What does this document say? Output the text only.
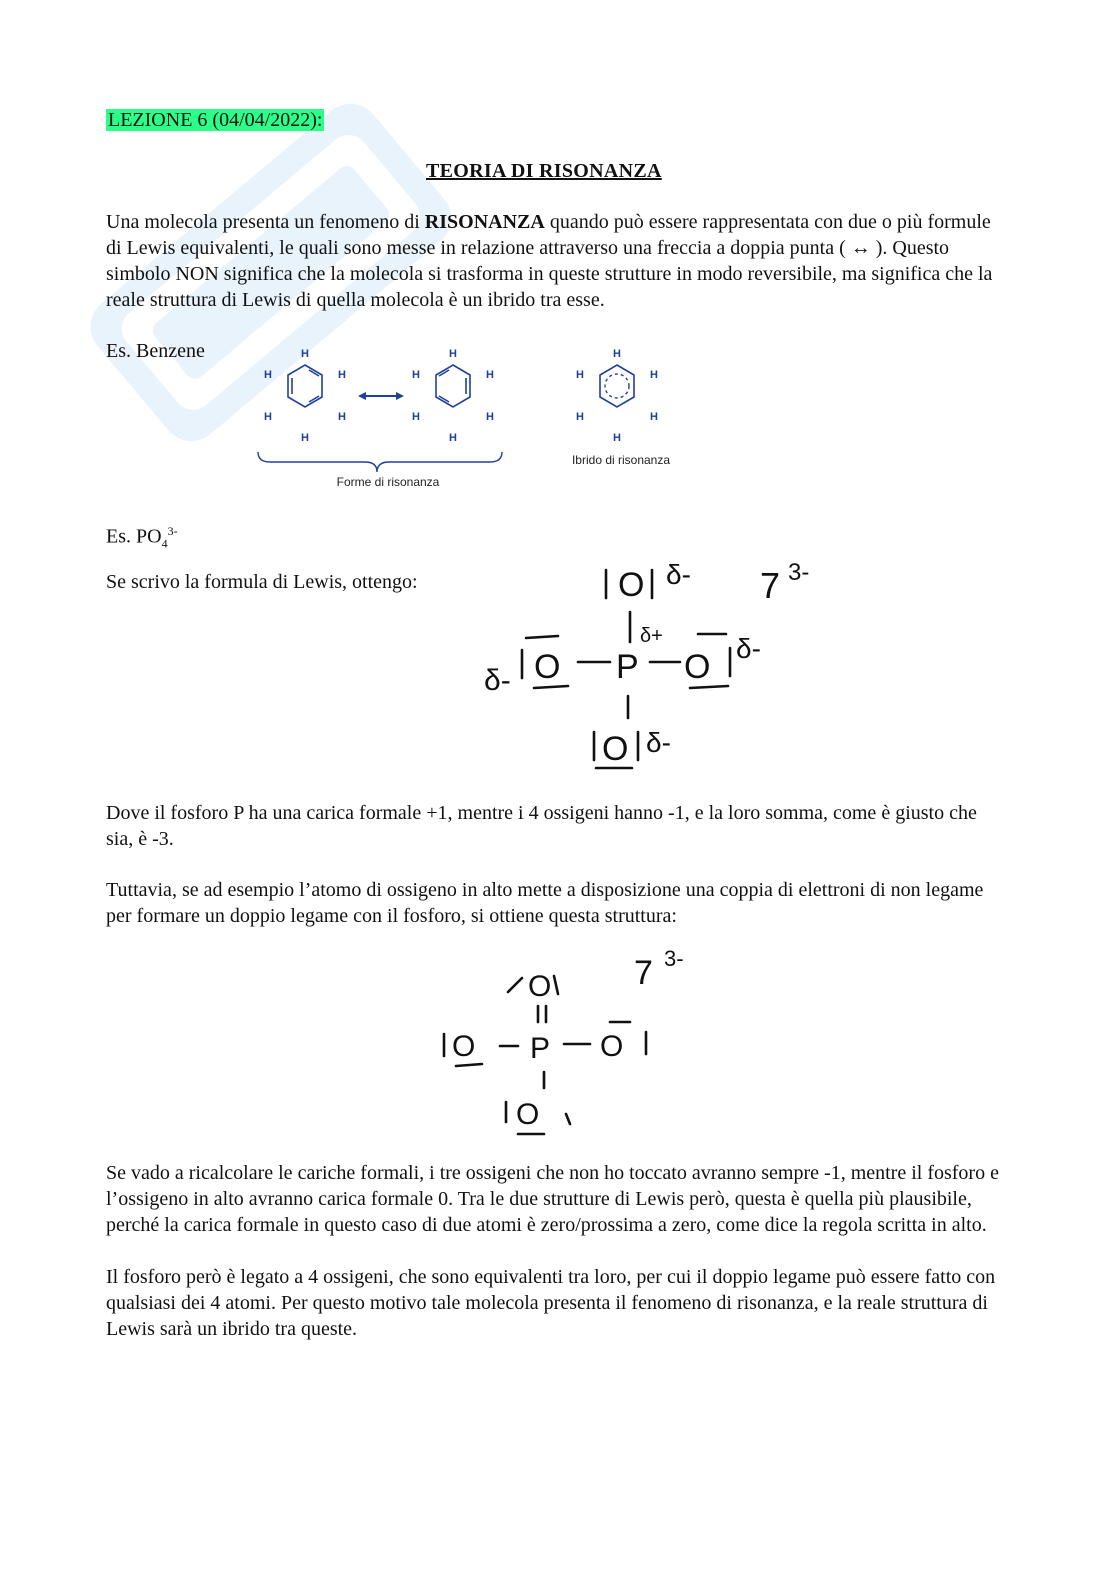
LEZIONE 6 (04/04/2022):
TEORIA DI RISONANZA

Una molecola presenta un fenomeno di RISONANZA quando può essere rappresentata con due o più formule di Lewis equivalenti, le quali sono messe in relazione attraverso una freccia a doppia punta ( ↔ ). Questo simbolo NON significa che la molecola si trasforma in queste strutture in modo reversibile, ma significa che la reale struttura di Lewis di quella molecola è un ibrido tra esse.

Es. Benzene	H
H	H
H	H
H
H
H	H
H	H
H
H
H	H
H	H
H
Forme di risonanza
Ibrido di risonanza
Es. $PO_4^{3-}$
Se scrivo la formula di Lewis, ottengo:	O δ- 7 3-
P
δ+
δ- O	O δ-
O δ-

Dove il fosforo P ha una carica formale +1, mentre i 4 ossigeni hanno -1, e la loro somma, come è giusto che sia, è -3.

Tuttavia, se ad esempio l’atomo di ossigeno in alto mette a disposizione una coppia di elettroni di non legame per formare un doppio legame con il fosforo, si ottiene questa struttura:

O 7 3-
P
O	O
O

Se vado a ricalcolare le cariche formali, i tre ossigeni che non ho toccato avranno sempre -1, mentre il fosforo e l’ossigeno in alto avranno carica formale 0. Tra le due strutture di Lewis però, questa è quella più plausibile, perché la carica formale in questo caso di due atomi è zero/prossima a zero, come dice la regola scritta in alto.

Il fosforo però è legato a 4 ossigeni, che sono equivalenti tra loro, per cui il doppio legame può essere fatto con qualsiasi dei 4 atomi. Per questo motivo tale molecola presenta il fenomeno di risonanza, e la reale struttura di Lewis sarà un ibrido tra queste.
